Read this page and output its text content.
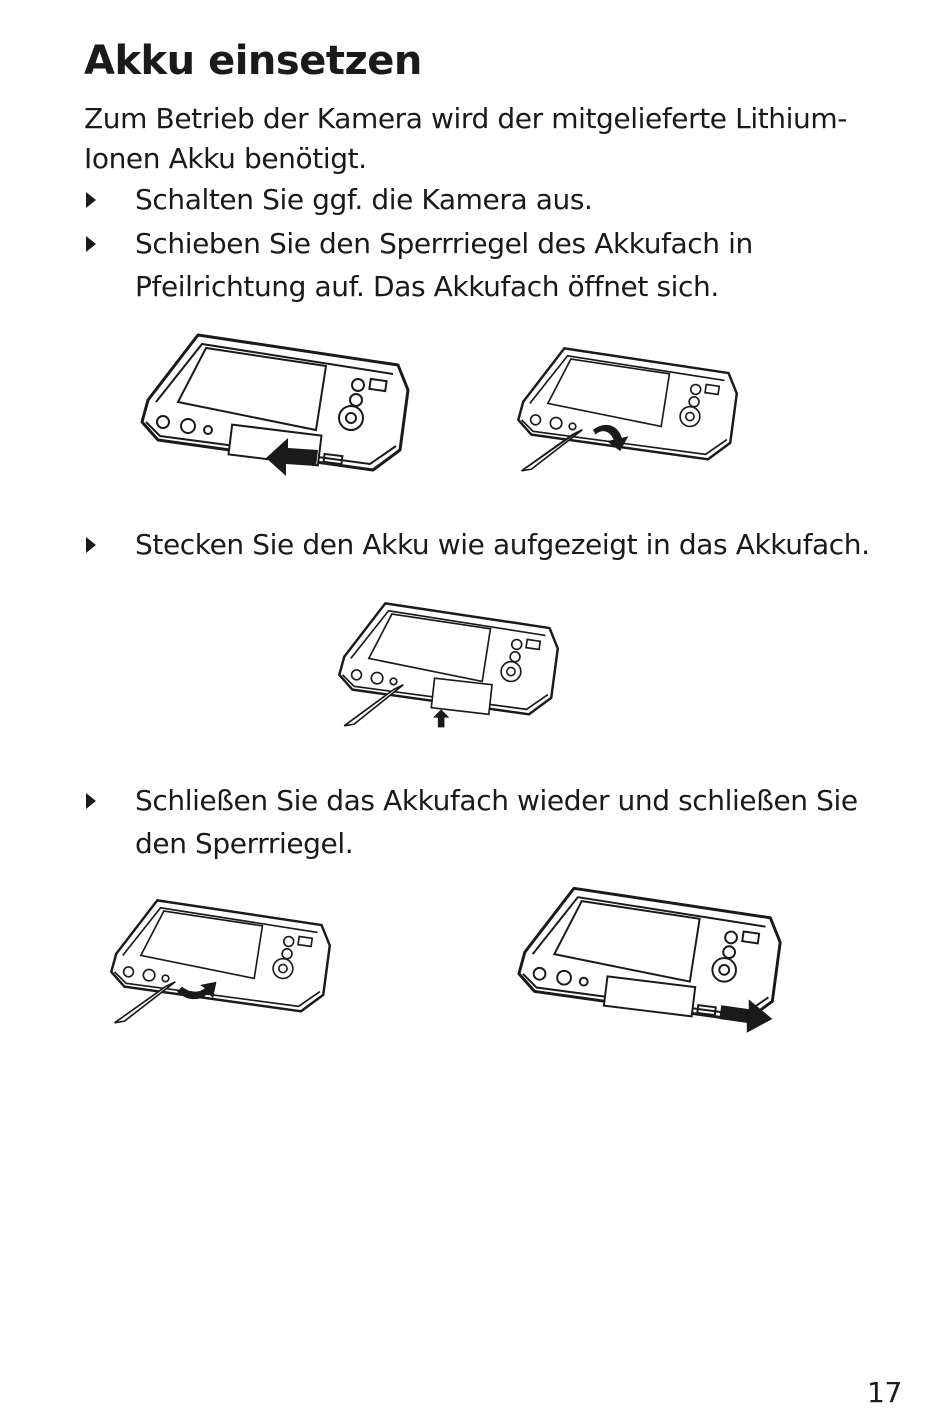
Akku einsetzen

Zum Betrieb der Kamera wird der mitgelieferte Lithium-Ionen Akku benötigt.

Schalten Sie ggf. die Kamera aus.
Schieben Sie den Sperrriegel des Akkufach in Pfeilrichtung auf. Das Akkufach öffnet sich.
Stecken Sie den Akku wie aufgezeigt in das Akkufach.
Schließen Sie das Akkufach wieder und schließen Sie den Sperrriegel.
17
